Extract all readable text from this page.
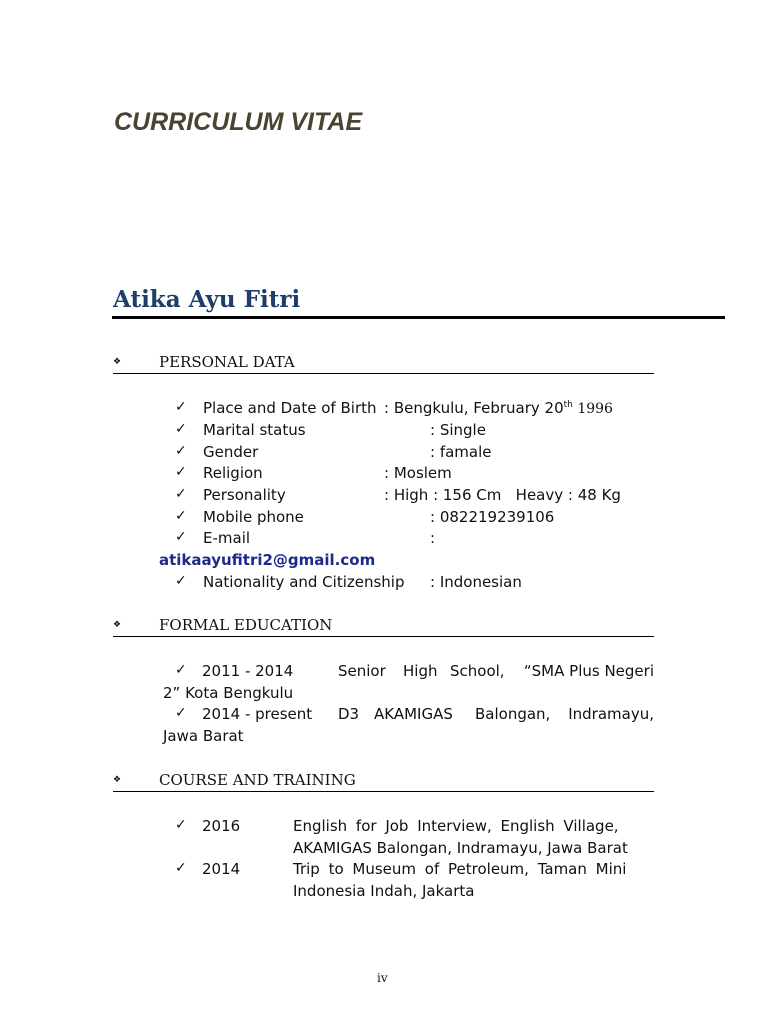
CURRICULUM VITAE
Atika Ayu Fitri
❖	PERSONAL DATA
✓ Place and Date of Birth : Bengkulu, February 20th 1996
✓ Marital status	: Single
✓ Gender	: famale
✓ Religion	: Moslem
✓ Personality	: High : 156 Cm   Heavy : 48 Kg
✓ Mobile phone	: 082219239106
✓ E-mail	:
atikaayufitri2@gmail.com
✓ Nationality and Citizenship : Indonesian
❖	FORMAL EDUCATION
✓ 2011 - 2014	Senior High School, “SMA Plus Negeri
2” Kota Bengkulu
✓ 2014 - present D3 AKAMIGAS Balongan, Indramayu,
Jawa Barat
❖	COURSE AND TRAINING
✓ 2016	English for Job Interview, English Village,
AKAMIGAS Balongan, Indramayu, Jawa Barat
✓ 2014	Trip to Museum of Petroleum, Taman Mini
Indonesia Indah, Jakarta
iv
